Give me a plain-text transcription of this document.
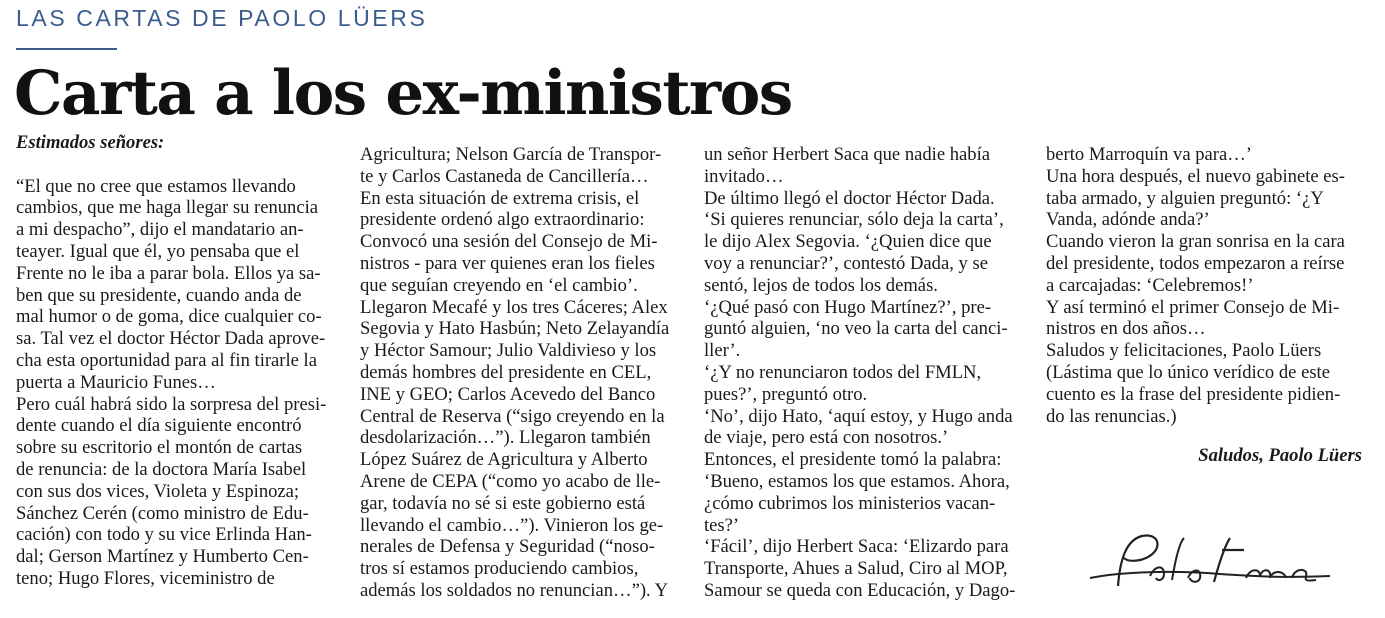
LAS CARTAS DE PAOLO LÜERS
Carta a los ex-ministros
Estimados señores:
“El que no cree que estamos llevando
cambios, que me haga llegar su renuncia
a mi despacho”, dijo el mandatario an-
teayer. Igual que él, yo pensaba que el
Frente no le iba a parar bola. Ellos ya sa-
ben que su presidente, cuando anda de
mal humor o de goma, dice cualquier co-
sa. Tal vez el doctor Héctor Dada aprove-
cha esta oportunidad para al fin tirarle la
puerta a Mauricio Funes…
Pero cuál habrá sido la sorpresa del presi-
dente cuando el día siguiente encontró
sobre su escritorio el montón de cartas
de renuncia: de la doctora María Isabel
con sus dos vices, Violeta y Espinoza;
Sánchez Cerén (como ministro de Edu-
cación) con todo y su vice Erlinda Han-
dal; Gerson Martínez y Humberto Cen-
teno; Hugo Flores, viceministro de
Agricultura; Nelson García de Transpor-
te y Carlos Castaneda de Cancillería…
En esta situación de extrema crisis, el
presidente ordenó algo extraordinario:
Convocó una sesión del Consejo de Mi-
nistros - para ver quienes eran los fieles
que seguían creyendo en ‘el cambio’.
Llegaron Mecafé y los tres Cáceres; Alex
Segovia y Hato Hasbún; Neto Zelayandía
y Héctor Samour; Julio Valdivieso y los
demás hombres del presidente en CEL,
INE y GEO; Carlos Acevedo del Banco
Central de Reserva (“sigo creyendo en la
desdolarización…”). Llegaron también
López Suárez de Agricultura y Alberto
Arene de CEPA (“como yo acabo de lle-
gar, todavía no sé si este gobierno está
llevando el cambio…”). Vinieron los ge-
nerales de Defensa y Seguridad (“noso-
tros sí estamos produciendo cambios,
además los soldados no renuncian…”). Y
un señor Herbert Saca que nadie había
invitado…
De último llegó el doctor Héctor Dada.
‘Si quieres renunciar, sólo deja la carta’,
le dijo Alex Segovia. ‘¿Quien dice que
voy a renunciar?’, contestó Dada, y se
sentó, lejos de todos los demás.
‘¿Qué pasó con Hugo Martínez?’, pre-
guntó alguien, ‘no veo la carta del canci-
ller’.
‘¿Y no renunciaron todos del FMLN,
pues?’, preguntó otro.
‘No’, dijo Hato, ‘aquí estoy, y Hugo anda
de viaje, pero está con nosotros.’
Entonces, el presidente tomó la palabra:
‘Bueno, estamos los que estamos. Ahora,
¿cómo cubrimos los ministerios vacan-
tes?’
‘Fácil’, dijo Herbert Saca: ‘Elizardo para
Transporte, Ahues a Salud, Ciro al MOP,
Samour se queda con Educación, y Dago-
berto Marroquín va para…’
Una hora después, el nuevo gabinete es-
taba armado, y alguien preguntó: ‘¿Y
Vanda, adónde anda?’
Cuando vieron la gran sonrisa en la cara
del presidente, todos empezaron a reírse
a carcajadas: ‘Celebremos!’
Y así terminó el primer Consejo de Mi-
nistros en dos años…
Saludos y felicitaciones, Paolo Lüers
(Lástima que lo único verídico de este
cuento es la frase del presidente pidien-
do las renuncias.)
Saludos, Paolo Lüers
